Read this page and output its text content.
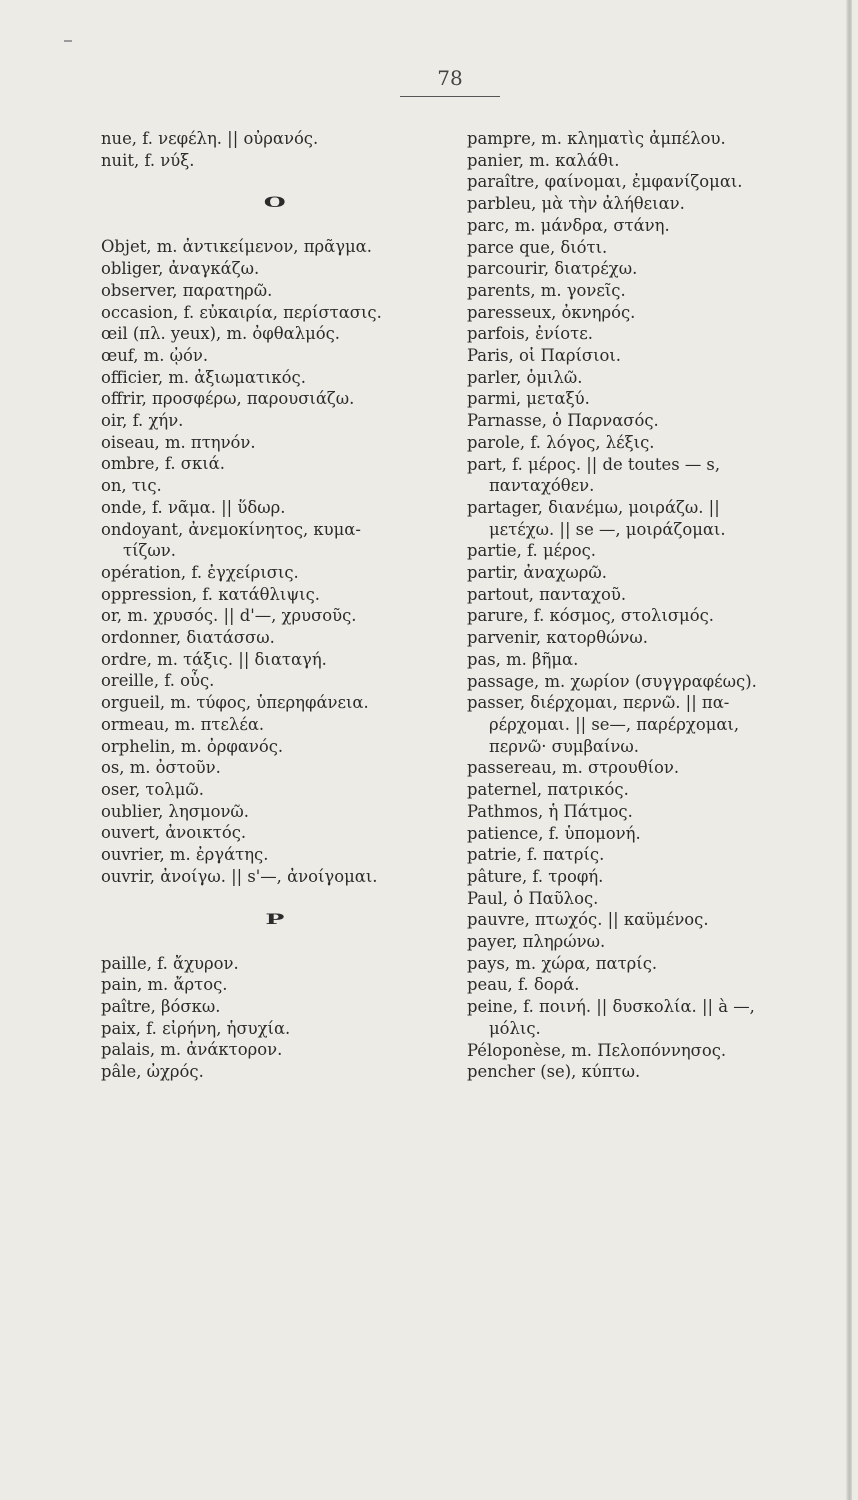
78
nue, f. νεφέλη. || οὐρανός.
nuit, f. νύξ.
O
Objet, m. ἀντικείμενον, πρᾶγμα.
obliger, ἀναγκάζω.
observer, παρατηρῶ.
occasion, f. εὐκαιρία, περίστασις.
œil (πλ. yeux), m. ὀφθαλμός.
œuf, m. ᾠόν.
officier, m. ἀξιωματικός.
offrir, προσφέρω, παρουσιάζω.
oir, f. χήν.
oiseau, m. πτηνόν.
ombre, f. σκιά.
on, τις.
onde, f. νᾶμα. || ὕδωρ.
ondoyant, ἀνεμοκίνητος, κυμα-
τίζων.
opération, f. ἐγχείρισις.
oppression, f. κατάθλιψις.
or, m. χρυσός. || d'—, χρυσοῦς.
ordonner, διατάσσω.
ordre, m. τάξις. || διαταγή.
oreille, f. οὖς.
orgueil, m. τύφος, ὑπερηφάνεια.
ormeau, m. πτελέα.
orphelin, m. ὀρφανός.
os, m. ὀστοῦν.
oser, τολμῶ.
oublier, λησμονῶ.
ouvert, ἀνοικτός.
ouvrier, m. ἐργάτης.
ouvrir, ἀνοίγω. || s'—, ἀνοίγομαι.
P
paille, f. ἄχυρον.
pain, m. ἄρτος.
paître, βόσκω.
paix, f. εἰρήνη, ἡσυχία.
palais, m. ἀνάκτορον.
pâle, ὠχρός.
pampre, m. κληματὶς ἀμπέλου.
panier, m. καλάθι.
paraître, φαίνομαι, ἐμφανίζομαι.
parbleu, μὰ τὴν ἀλήθειαν.
parc, m. μάνδρα, στάνη.
parce que, διότι.
parcourir, διατρέχω.
parents, m. γονεῖς.
paresseux, ὀκνηρός.
parfois, ἐνίοτε.
Paris, οἱ Παρίσιοι.
parler, ὁμιλῶ.
parmi, μεταξύ.
Parnasse, ὁ Παρνασός.
parole, f. λόγος, λέξις.
part, f. μέρος. || de toutes — s,
πανταχόθεν.
partager, διανέμω, μοιράζω. ||
μετέχω. || se —, μοιράζομαι.
partie, f. μέρος.
partir, ἀναχωρῶ.
partout, πανταχοῦ.
parure, f. κόσμος, στολισμός.
parvenir, κατορθώνω.
pas, m. βῆμα.
passage, m. χωρίον (συγγραφέως).
passer, διέρχομαι, περνῶ. || πα-
ρέρχομαι. || se—, παρέρχομαι,
περνῶ· συμβαίνω.
passereau, m. στρουθίον.
paternel, πατρικός.
Pathmos, ἡ Πάτμος.
patience, f. ὑπομονή.
patrie, f. πατρίς.
pâture, f. τροφή.
Paul, ὁ Παῦλος.
pauvre, πτωχός. || καϋμένος.
payer, πληρώνω.
pays, m. χώρα, πατρίς.
peau, f. δορά.
peine, f. ποινή. || δυσκολία. || à —,
μόλις.
Péloponèse, m. Πελοπόννησος.
pencher (se), κύπτω.
